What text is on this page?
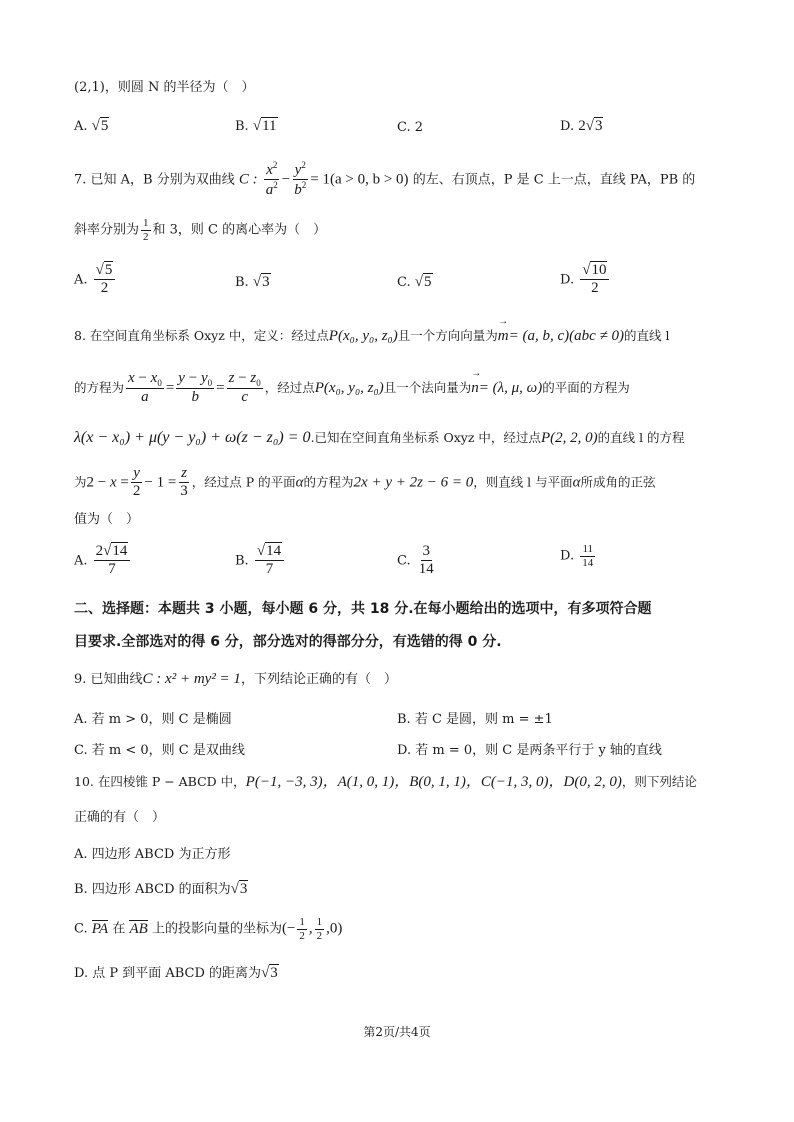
(2,1)，则圆 N 的半径为（　）
A. √5	B. √11	C. 2	D. 2√3
7. 已知 A，B 分别为双曲线 C : $\frac{x^2}{a^2} - \frac{y^2}{b^2} = 1(a > 0$, b > 0) 的左、右顶点，P 是 C 上一点，直线 PA，PB 的
斜率分别为 $\frac{1}{2}$ 和 3，则 C 的离心率为（　）
A. $\frac{√5}{2}$	B. √3	C. √5	D. $\frac{√10}{2}$
8. 在空间直角坐标系 Oxyz 中，定义：经过点P(x₀, y₀, z₀)且一个方向向量为→ m= (a, b, c)(abc ≠ 0)的直线 l
的方程为 $\frac{x - x_0}{a} = \frac{y - y_0}{b} = \frac{z - z_0}{c}$ ，经过点P(x₀, y₀, z₀)且一个法向量为→ n= (λ, μ, ω)的平面的方程为
λ(x − x₀) + μ(y − y₀) + ω(z − z₀) = 0.已知在空间直角坐标系 Oxyz 中，经过点P(2, 2, 0)的直线 l 的方程
为$2 - x = \frac{y}{2} - 1 = \frac{z}{3}$ ，经过点 P 的平面α的方程为2x + y + 2z − 6 = 0，则直线 l 与平面α所成角的正弦
值为（　）
A. $\frac{2√14}{7}$	B. $\frac{√14}{7}$	C. $\frac{3}{14}$	D. $\frac{11}{14}$
二、选择题：本题共 3 小题，每小题 6 分，共 18 分.在每小题给出的选项中，有多项符合题
目要求.全部选对的得 6 分，部分选对的得部分分，有选错的得 0 分.
9. 已知曲线C : x² + my² = 1，下列结论正确的有（　）
A. 若 m > 0，则 C 是椭圆	B. 若 C 是圆，则 m = ±1
C. 若 m < 0，则 C 是双曲线	D. 若 m = 0，则 C 是两条平行于 y 轴的直线
10. 在四棱锥 P − ABCD 中，P(−1, −3, 3)，A(1, 0, 1)，B(0, 1, 1)，C(−1, 3, 0)，D(0, 2, 0)，则下列结论
正确的有（　）
A. 四边形 ABCD 为正方形
B. 四边形 ABCD 的面积为√3
C. PA 在 AB 上的投影向量的坐标为(− $\frac{1}{2}$ , $\frac{1}{2} ,0$)
D. 点 P 到平面 ABCD 的距离为√3
第2页/共4页
